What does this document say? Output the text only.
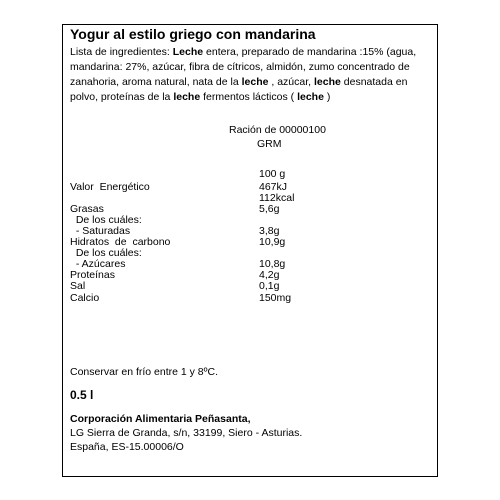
Yogur al estilo griego con mandarina
Lista de ingredientes: Leche entera, preparado de mandarina :15% (agua, mandarina: 27%, azúcar, fibra de cítricos, almidón, zumo concentrado de zanahoria, aroma natural, nata de la leche , azúcar, leche desnatada en polvo, proteínas de la leche fermentos lácticos ( leche )
Ración de 00000100
GRM
100 g
Valor  Energético	467kJ
112kcal
Grasas	5,6g
De los cuáles:
- Saturadas	3,8g
Hidratos  de  carbono	10,9g
De los cuáles:
- Azúcares	10,8g
Proteínas	4,2g
Sal	0,1g
Calcio	150mg
Conservar en frío entre 1 y 8ºC.
0.5 l
Corporación Alimentaria Peñasanta,
LG Sierra de Granda, s/n, 33199, Siero - Asturias.
España, ES-15.00006/O
